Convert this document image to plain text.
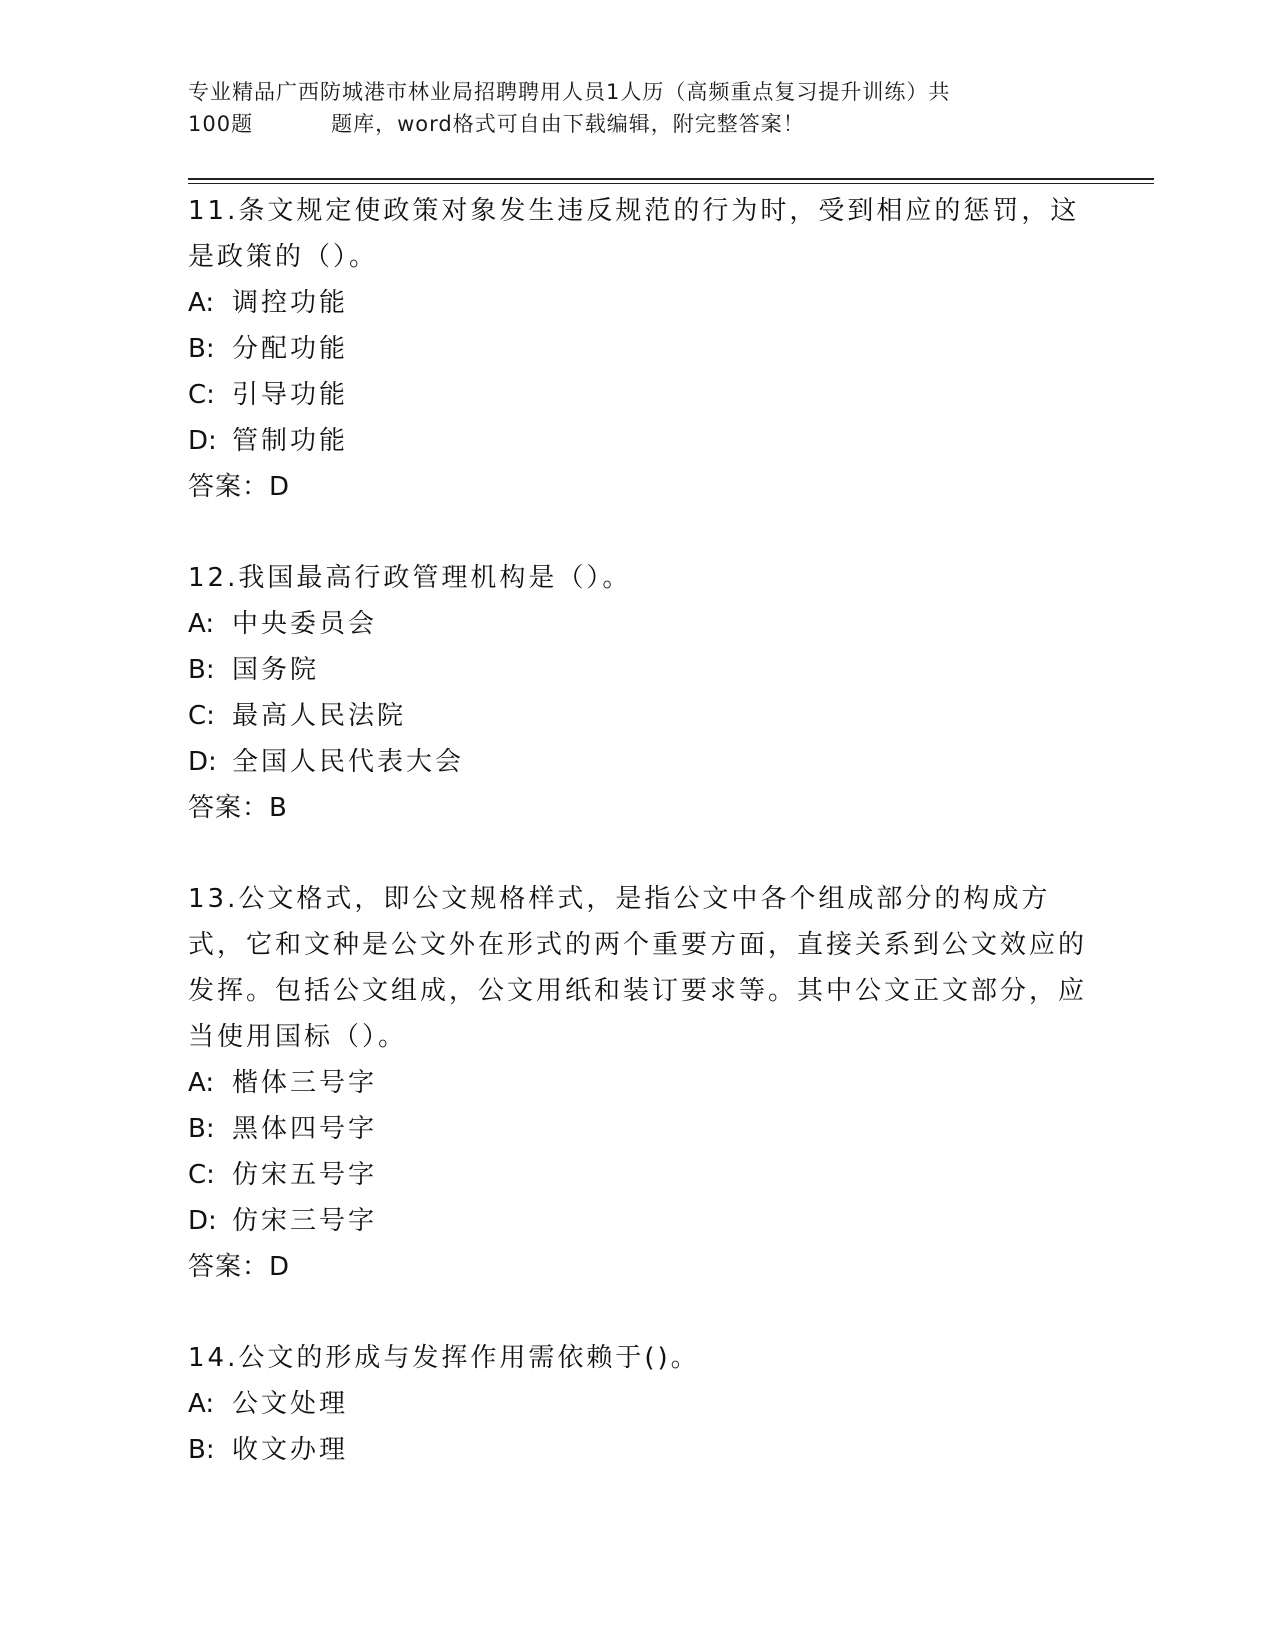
专业精品广西防城港市林业局招聘聘用人员1人历（高频重点复习提升训练）共

100题	题库，word格式可自由下载编辑，附完整答案！
11.条文规定使政策对象发生违反规范的行为时，受到相应的惩罚，这是政策的（）。
A: 调控功能
B: 分配功能
C: 引导功能
D: 管制功能
答案：D
12.我国最高行政管理机构是（）。
A: 中央委员会
B: 国务院
C: 最高人民法院
D: 全国人民代表大会
答案：B
13.公文格式，即公文规格样式，是指公文中各个组成部分的构成方式，它和文种是公文外在形式的两个重要方面，直接关系到公文效应的发挥。包括公文组成，公文用纸和装订要求等。其中公文正文部分，应当使用国标（）。
A: 楷体三号字
B: 黑体四号字
C: 仿宋五号字
D: 仿宋三号字
答案：D
14.公文的形成与发挥作用需依赖于()。
A: 公文处理
B: 收文办理
